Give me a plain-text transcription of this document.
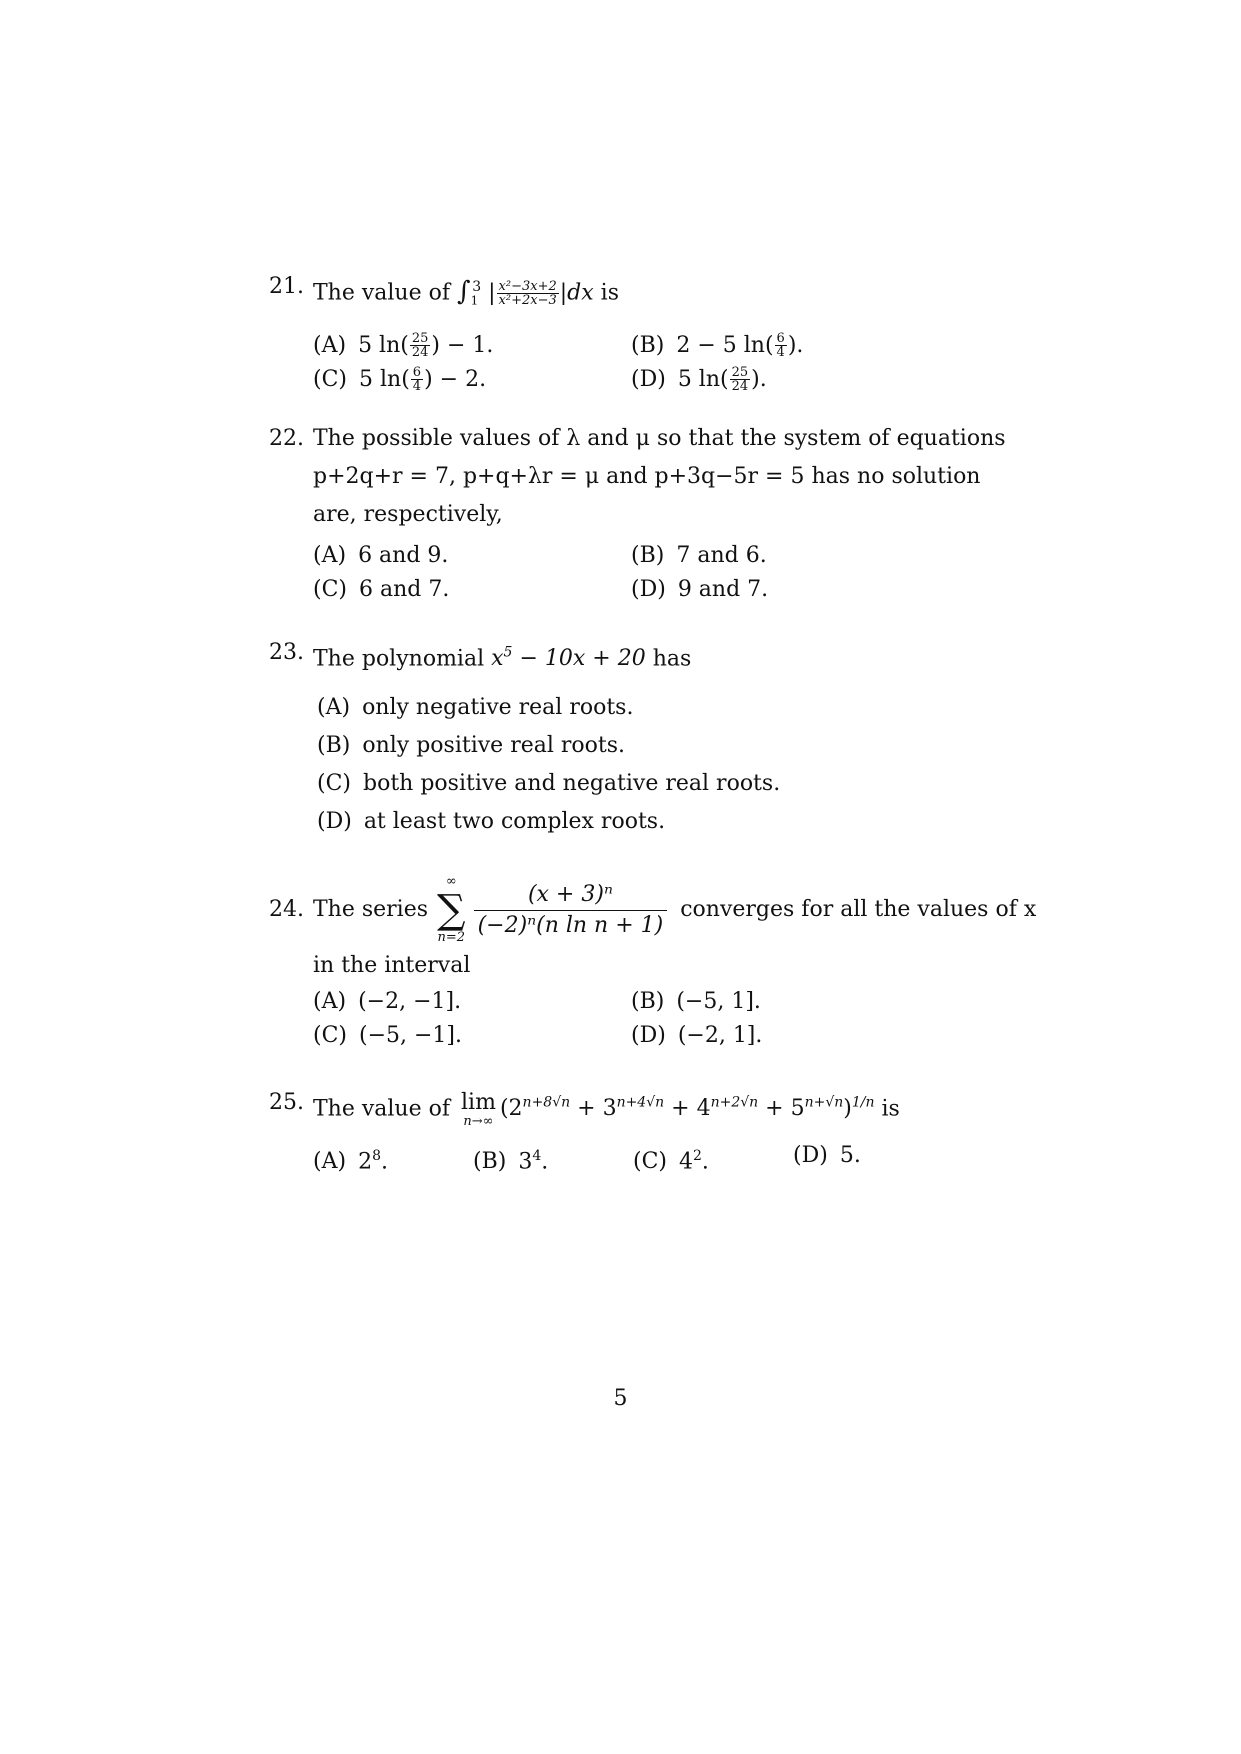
21. The value of $\int_1^3$ | $\frac{\text{x²−3x+2}}{\text{x²+2x−3}} |dx$ is
(A) 5 $\ln( \frac{25}{24}$ ) − 1.	(B) 2 − 5 $\ln( \frac{6}{4}$ ).
(C) 5 $\ln( \frac{6}{4}$ ) − 2.	(D) 5 $\ln( \frac{25}{24}$ ).
22. The possible values of λ and μ so that the system of equations
p+2q+r = 7, p+q+λr = μ and p+3q−5r = 5 has no solution
are, respectively,
(A) 6 and 9.	(B) 7 and 6.
(C) 6 and 7.	(D) 9 and 7.
23. The polynomial $x^5 - 10x + 20$ has
(A) only negative real roots.
(B) only positive real roots.
(C) both positive and negative real roots.
(D) at least two complex roots.
24. The series
∞
∑
$n=2 \frac{\text{(x + 3)ⁿ}}{\text{(−2)ⁿ(n ln n + 1)}}$ converges for all the values of x
in the interval
(A) (−2, −1].	(B) (−5, 1].
(C) (−5, −1].	(D) (−2, 1].
25. The value of lim
n→∞
$(2^{n+8√n} + 3^{n+4√n} + 4^{n+2√n} + 5^{n+√n})^{1/n}$ is
(A) $2^8$.	(B) $3^4$.	(C) $4^2$.	(D) 5.
5
